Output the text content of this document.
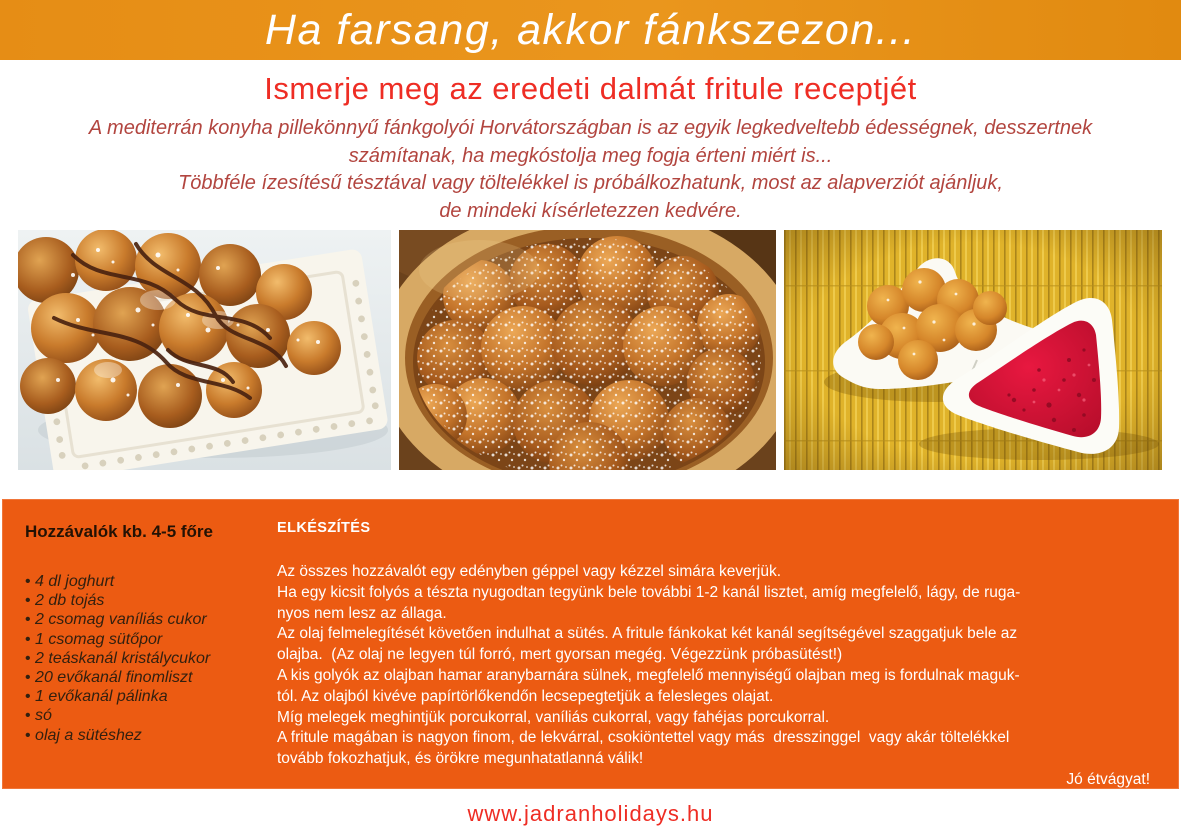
Ha farsang, akkor fánkszezon...
Ismerje meg az eredeti dalmát fritule receptjét
A mediterrán konyha pillekönnyű fánkgolyói Horvátországban is az egyik legkedveltebb édességnek, desszertnek
számítanak, ha megkóstolja meg fogja érteni miért is...
Többféle ízesítésű tésztával vagy töltelékkel is próbálkozhatunk, most az alapverziót ajánljuk,
de mindeki kísérletezzen kedvére.
Hozzávalók kb. 4-5 főre
• 4 dl joghurt
• 2 db tojás
• 2 csomag vaníliás cukor
• 1 csomag sütőpor
• 2 teáskanál kristálycukor
• 20 evőkanál finomliszt
• 1 evőkanál pálinka
• só
• olaj a sütéshez
ELKÉSZÍTÉS
Az összes hozzávalót egy edényben géppel vagy kézzel simára keverjük.
Ha egy kicsit folyós a tészta nyugodtan tegyünk bele további 1-2 kanál lisztet, amíg megfelelő, lágy, de ruga-
nyos nem lesz az állaga.
Az olaj felmelegítését követően indulhat a sütés. A fritule fánkokat két kanál segítségével szaggatjuk bele az
olajba.  (Az olaj ne legyen túl forró, mert gyorsan megég. Végezzünk próbasütést!)
A kis golyók az olajban hamar aranybarnára sülnek, megfelelő mennyiségű olajban meg is fordulnak maguk-
tól. Az olajból kivéve papírtörlőkendőn lecsepegtetjük a felesleges olajat.
Míg melegek meghintjük porcukorral, vaníliás cukorral, vagy fahéjas porcukorral.
A fritule magában is nagyon finom, de lekvárral, csokiöntettel vagy más  dresszinggel  vagy akár töltelékkel
tovább fokozhatjuk, és örökre megunhatatlanná válik!
Jó étvágyat!
www.jadranholidays.hu
